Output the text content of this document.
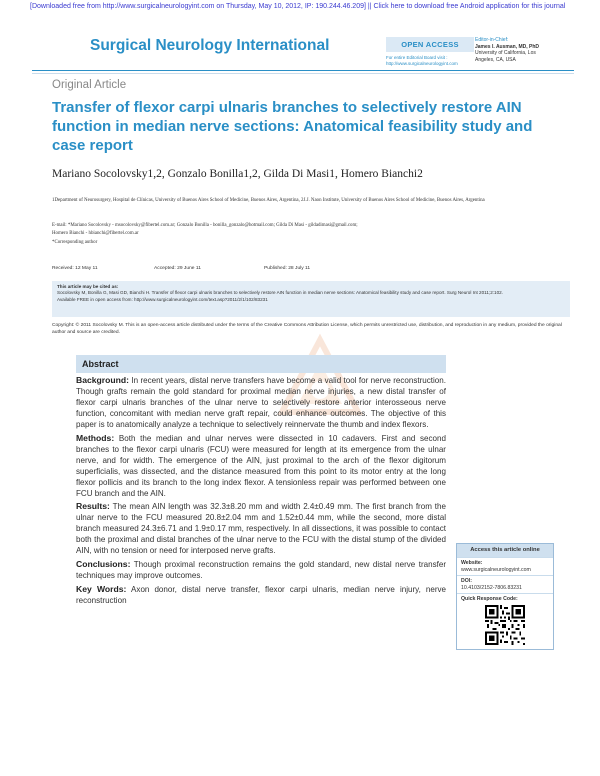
[Downloaded free from http://www.surgicalneurologyint.com on Thursday, May 10, 2012, IP: 190.244.46.209] || Click here to download free Android application for this journal
Surgical Neurology International	OPEN ACCESS
For entire Editorial Board visit :
http://www.surgicalneurologyint.com
Editor-in-Chief:
James I. Ausman, MD, PhD
University of California, Los
Angeles, CA, USA
Original Article
Transfer of flexor carpi ulnaris branches to selectively restore AIN function in median nerve sections: Anatomical feasibility study and case report
Mariano Socolovsky1,2, Gonzalo Bonilla1,2, Gilda Di Masi1, Homero Bianchi2
1Department of Neurosurgery, Hospital de Clínicas, University of Buenos Aires School of Medicine, Buenos Aires, Argentina, 2J.J. Naon Institute, University of Buenos Aires School of Medicine, Buenos Aires, Argentina
E-mail: *Mariano Socolovsky - msocolovsky@fibertel.com.ar; Gonzalo Bonilla - bonilla_gonzalo@hotmail.com; Gilda Di Masi - gildadimasi@gmail.com;
Homero Bianchi - hbianchi@fibertel.com.ar
*Corresponding author
Received: 12 May 11	Accepted: 29 June 11	Published: 28 July 11
This article may be cited as:
Socolovsky M, Bonilla G, Masi GD, Bianchi H. Transfer of flexor carpi ulnaris branches to selectively restore AIN function in median nerve sections: Anatomical feasibility study and case report. Surg Neurol Int 2011;2:102.
Available FREE in open access from: http://www.surgicalneurologyint.com/text.asp?2011/2/1/102/83231
Copyright: © 2011 Socolovsky M. This is an open-access article distributed under the terms of the Creative Commons Attribution License, which permits unrestricted use, distribution, and reproduction in any medium, provided the original author and source are credited.
Abstract

Background: In recent years, distal nerve transfers have become a valid tool for nerve reconstruction. Though grafts remain the gold standard for proximal median nerve injuries, a new distal transfer of flexor carpi ulnaris branches of the ulnar nerve to selectively restore anterior interosseous nerve function, concomitant with median nerve graft repair, could enhance outcomes. The objective of this paper is to anatomically analyze a technique to selectively reinnervate the thumb and index flexors.

Methods: Both the median and ulnar nerves were dissected in 10 cadavers. First and second branches to the flexor carpi ulnaris (FCU) were measured for length at its emergence from the ulnar nerve, and for width. The emergence of the AIN, just proximal to the arch of the flexor digitorum superficialis, was dissected, and the distance measured from this point to its motor entry at the long flexor pollicis and its branch to the long index flexor. A tensionless repair was performed between one FCU branch and the AIN.

Results: The mean AIN length was 32.3±8.20 mm and width 2.4±0.49 mm. The first branch from the ulnar nerve to the FCU measured 20.8±2.04 mm and 1.52±0.44 mm, while the second, more distal branch measured 24.3±6.71 and 1.9±0.17 mm, respectively. In all dissections, it was possible to contact both the proximal and distal branches of the ulnar nerve to the FCU with the distal stump of the divided AIN, with no tension or need for interposed nerve grafts.

Conclusions: Though proximal reconstruction remains the gold standard, new distal nerve transfer techniques may improve outcomes.

Key Words: Axon donor, distal nerve transfer, flexor carpi ulnaris, median nerve injury, nerve reconstruction

Access this article online
Website:
www.surgicalneurologyint.com
DOI:
10.4103/2152-7806.83231
Quick Response Code:
